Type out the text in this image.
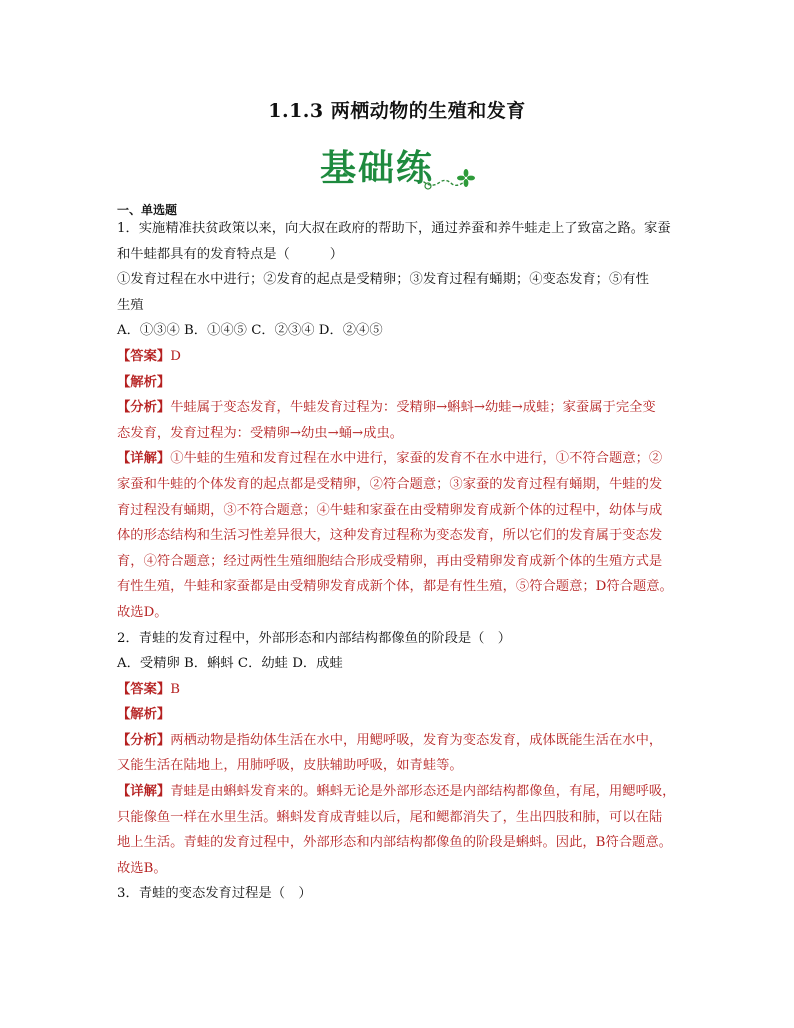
1.1.3 两栖动物的生殖和发育
基础练
一、单选题
1．实施精准扶贫政策以来，向大叔在政府的帮助下，通过养蚕和养牛蛙走上了致富之路。家蚕
和牛蛙都具有的发育特点是（　　　）
①发育过程在水中进行；②发育的起点是受精卵；③发育过程有蛹期；④变态发育；⑤有性
生殖
A．①③④ B．①④⑤ C．②③④ D．②④⑤
【答案】D
【解析】
【分析】牛蛙属于变态发育，牛蛙发育过程为：受精卵→蝌蚪→幼蛙→成蛙；家蚕属于完全变
态发育，发育过程为：受精卵→幼虫→蛹→成虫。
【详解】①牛蛙的生殖和发育过程在水中进行，家蚕的发育不在水中进行，①不符合题意；②
家蚕和牛蛙的个体发育的起点都是受精卵，②符合题意；③家蚕的发育过程有蛹期，牛蛙的发
育过程没有蛹期，③不符合题意；④牛蛙和家蚕在由受精卵发育成新个体的过程中，幼体与成
体的形态结构和生活习性差异很大，这种发育过程称为变态发育，所以它们的发育属于变态发
育，④符合题意；经过两性生殖细胞结合形成受精卵，再由受精卵发育成新个体的生殖方式是
有性生殖，牛蛙和家蚕都是由受精卵发育成新个体，都是有性生殖，⑤符合题意；D符合题意。
故选D。
2．青蛙的发育过程中，外部形态和内部结构都像鱼的阶段是（　）
A．受精卵 B．蝌蚪 C．幼蛙 D．成蛙
【答案】B
【解析】
【分析】两栖动物是指幼体生活在水中，用鳃呼吸，发育为变态发育，成体既能生活在水中，
又能生活在陆地上，用肺呼吸，皮肤辅助呼吸，如青蛙等。
【详解】青蛙是由蝌蚪发育来的。蝌蚪无论是外部形态还是内部结构都像鱼，有尾，用鳃呼吸，
只能像鱼一样在水里生活。蝌蚪发育成青蛙以后，尾和鳃都消失了，生出四肢和肺，可以在陆
地上生活。青蛙的发育过程中，外部形态和内部结构都像鱼的阶段是蝌蚪。因此，B符合题意。
故选B。
3．青蛙的变态发育过程是（　）
